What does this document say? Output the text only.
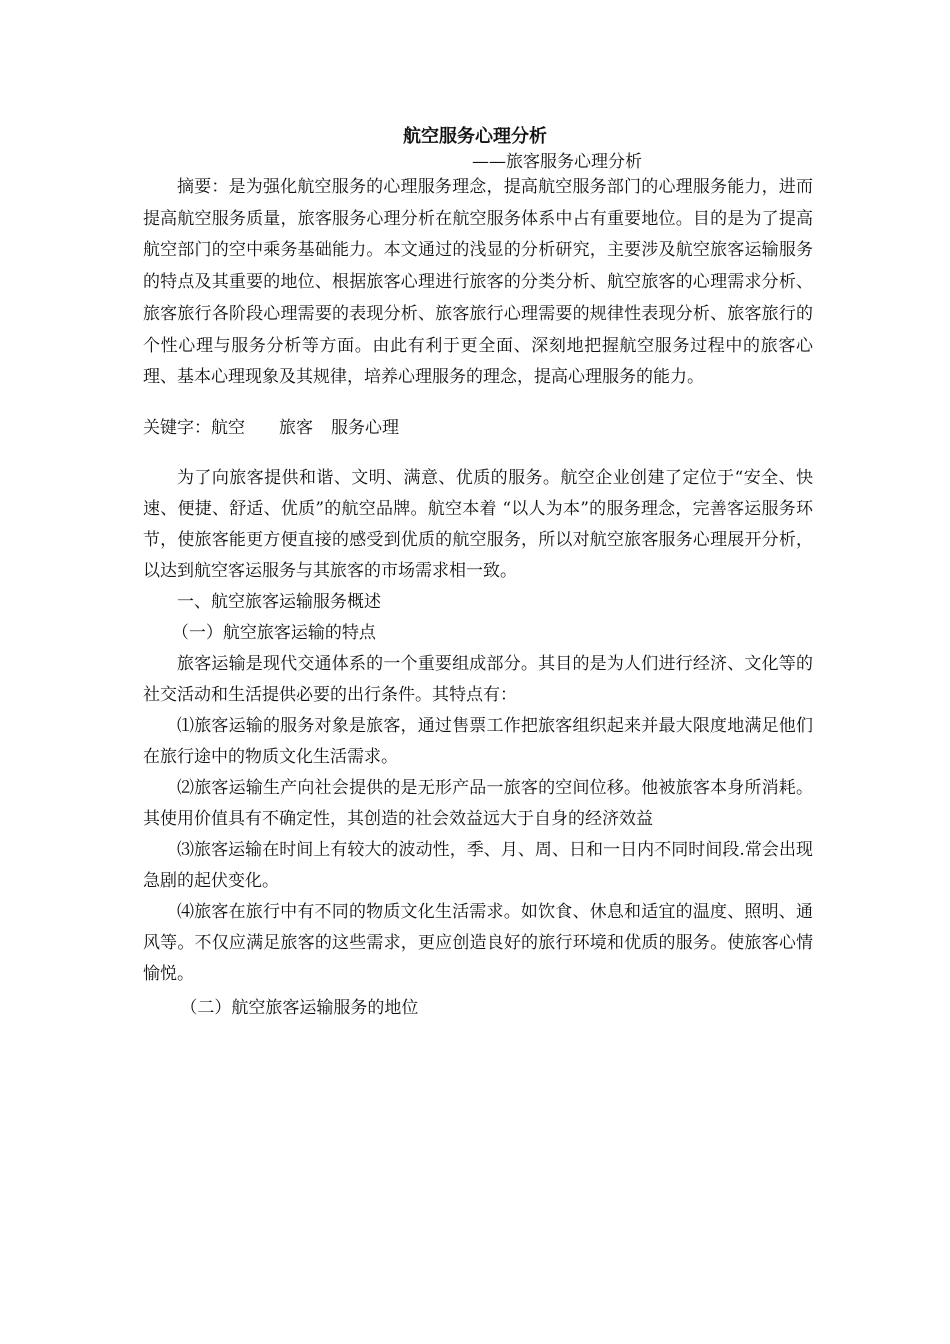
航空服务心理分析
——旅客服务心理分析

摘要：是为强化航空服务的心理服务理念，提高航空服务部门的心理服务能力，进而提高航空服务质量，旅客服务心理分析在航空服务体系中占有重要地位。目的是为了提高航空部门的空中乘务基础能力。本文通过的浅显的分析研究，主要涉及航空旅客运输服务的特点及其重要的地位、根据旅客心理进行旅客的分类分析、航空旅客的心理需求分析、旅客旅行各阶段心理需要的表现分析、旅客旅行心理需要的规律性表现分析、旅客旅行的个性心理与服务分析等方面。由此有利于更全面、深刻地把握航空服务过程中的旅客心理、基本心理现象及其规律，培养心理服务的理念，提高心理服务的能力。

关键字：航空 旅客 服务心理

为了向旅客提供和谐、文明、满意、优质的服务。航空企业创建了定位于“安全、快速、便捷、舒适、优质”的航空品牌。航空本着 “以人为本”的服务理念，完善客运服务环节，使旅客能更方便直接的感受到优质的航空服务，所以对航空旅客服务心理展开分析，以达到航空客运服务与其旅客的市场需求相一致。

一、航空旅客运输服务概述

（一）航空旅客运输的特点

旅客运输是现代交通体系的一个重要组成部分。其目的是为人们进行经济、文化等的社交活动和生活提供必要的出行条件。其特点有：

⑴旅客运输的服务对象是旅客，通过售票工作把旅客组织起来并最大限度地满足他们在旅行途中的物质文化生活需求。

⑵旅客运输生产向社会提供的是无形产品一旅客的空间位移。他被旅客本身所消耗。其使用价值具有不确定性，其创造的社会效益远大于自身的经济效益

⑶旅客运输在时间上有较大的波动性，季、月、周、日和一日内不同时间段.常会出现急剧的起伏变化。

⑷旅客在旅行中有不同的物质文化生活需求。如饮食、休息和适宜的温度、照明、通风等。不仅应满足旅客的这些需求，更应创造良好的旅行环境和优质的服务。使旅客心情愉悦。

（二）航空旅客运输服务的地位
